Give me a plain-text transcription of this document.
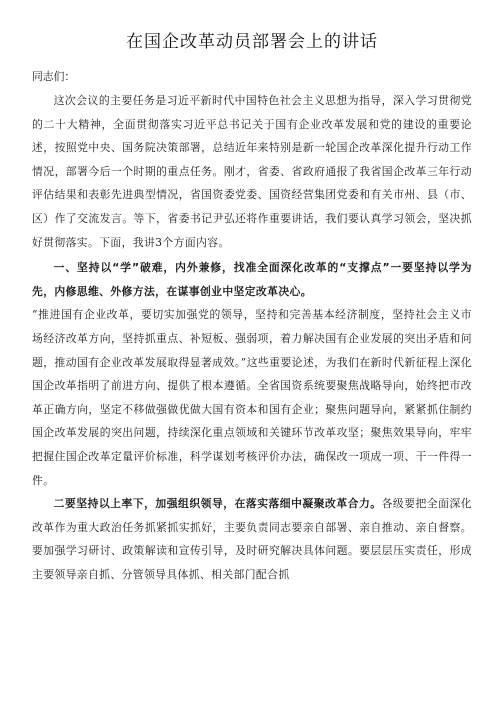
在国企改革动员部署会上的讲话

同志们：

这次会议的主要任务是习近平新时代中国特色社会主义思想为指导，深入学习贯彻党的二十大精神，全面贯彻落实习近平总书记关于国有企业改革发展和党的建设的重要论述，按照党中央、国务院决策部署，总结近年来特别是新一轮国企改革深化提升行动工作情况，部署今后一个时期的重点任务。刚才，省委、省政府通报了我省国企改革三年行动评估结果和表彰先进典型情况，省国资委党委、国资经营集团党委和有关市州、县（市、区）作了交流发言。等下，省委书记尹弘还将作重要讲话，我们要认真学习领会，坚决抓好贯彻落实。下面，我讲3个方面内容。

一、坚持以“学”破难，内外兼修，找准全面深化改革的“支撑点”一要坚持以学为先，内修思维、外修方法，在谋事创业中坚定改革决心。

“推进国有企业改革，要切实加强党的领导，坚持和完善基本经济制度，坚持社会主义市场经济改革方向，坚持抓重点、补短板、强弱项，着力解决国有企业发展的突出矛盾和问题，推动国有企业改革发展取得显著成效。”这些重要论述，为我们在新时代新征程上深化国企改革指明了前进方向、提供了根本遵循。全省国资系统要聚焦战略导向，始终把市改革正确方向，坚定不移做强做优做大国有资本和国有企业；聚焦问题导向，紧紧抓住制约国企改革发展的突出问题，持续深化重点领域和关键环节改革攻坚；聚焦效果导向，牢牢把握住国企改革定量评价标准，科学谋划考核评价办法，确保改一项成一项、干一件得一件。

二要坚持以上率下，加强组织领导，在落实落细中凝聚改革合力。各级要把全面深化改革作为重大政治任务抓紧抓实抓好，主要负责同志要亲自部署、亲自推动、亲自督察。要加强学习研讨、政策解读和宣传引导，及时研究解决具体问题。要层层压实责任，形成主要领导亲自抓、分管领导具体抓、相关部门配合抓
